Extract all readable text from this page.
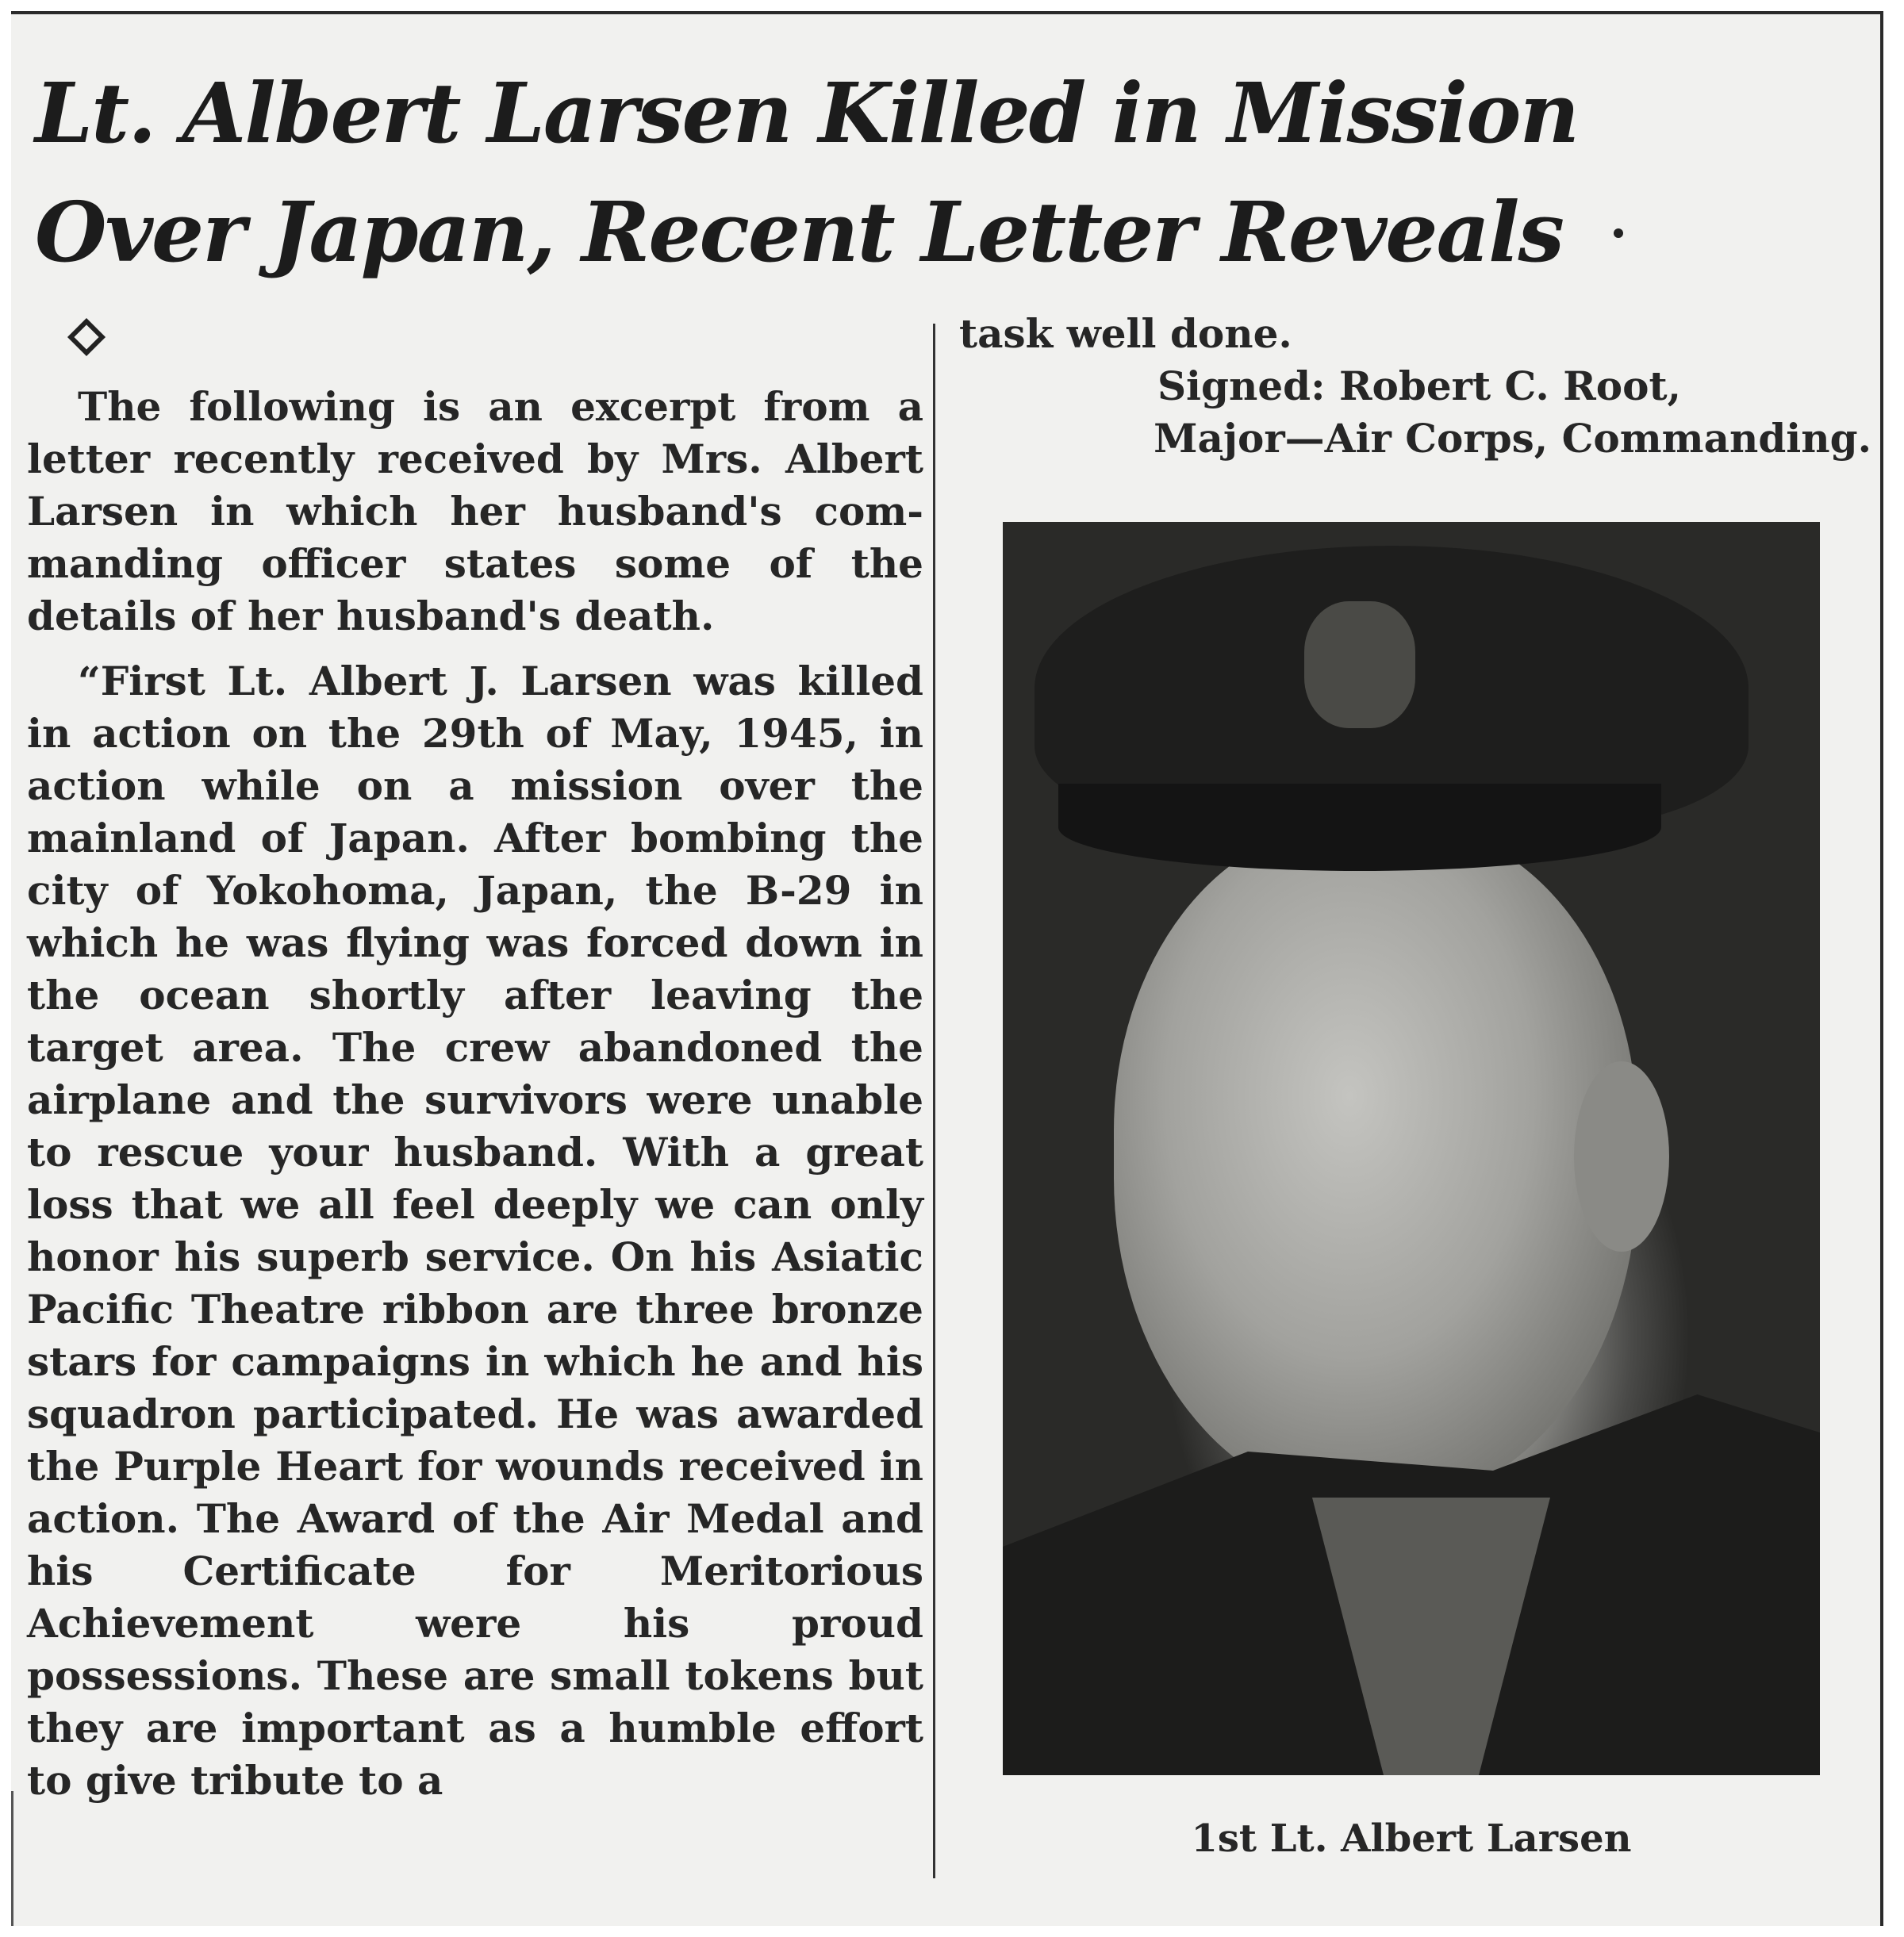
Lt. Albert Larsen Killed in Mission
Over Japan, Recent Letter Reveals

The following is an excerpt from a letter recently received by Mrs. Albert Larsen in which her husband's commanding officer states some of the details of her husband's death.

“First Lt. Albert J. Larsen was killed in action on the 29th of May, 1945, in action while on a mission over the mainland of Japan. After bombing the city of Yokohoma, Japan, the B-29 in which he was flying was forced down in the ocean shortly after leaving the target area. The crew abandoned the airplane and the survivors were unable to rescue your husband. With a great loss that we all feel deeply we can only honor his superb service. On his Asiatic Pacific Theatre ribbon are three bronze stars for campaigns in which he and his squadron participated. He was awarded the Purple Heart for wounds received in action. The Award of the Air Medal and his Certificate for Meritorious Achievement were his proud possessions. These are small tokens but they are important as a humble effort to give tribute to a

task well done.
Signed: Robert C. Root,
Major—Air Corps, Commanding.
1st Lt. Albert Larsen
